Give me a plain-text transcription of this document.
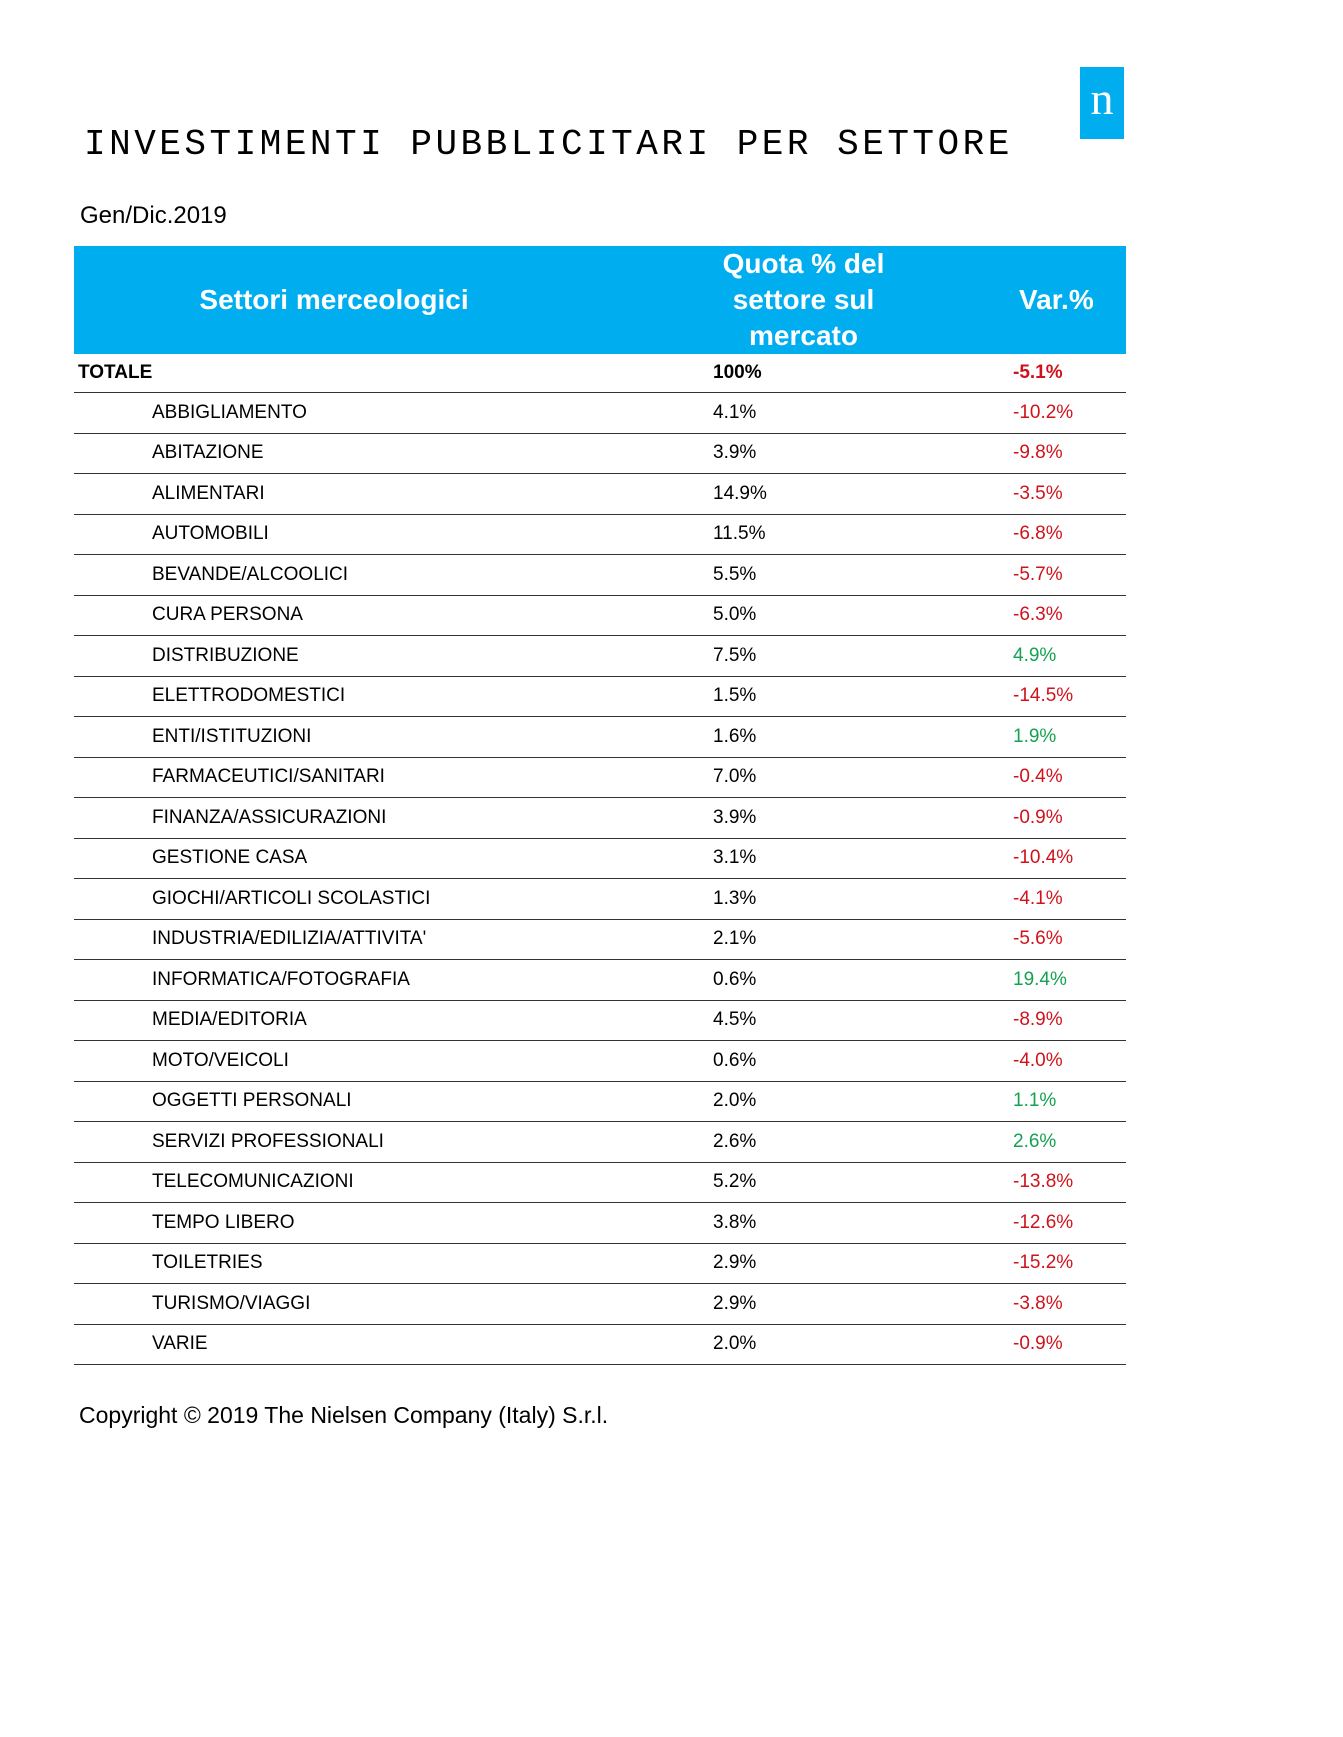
n
INVESTIMENTI PUBBLICITARI PER SETTORE
Gen/Dic.2019
Settori merceologici	Quota % del
settore sul
mercato	Var.%
TOTALE	100%	-5.1%
ABBIGLIAMENTO	4.1%	-10.2%
ABITAZIONE	3.9%	-9.8%
ALIMENTARI	14.9%	-3.5%
AUTOMOBILI	11.5%	-6.8%
BEVANDE/ALCOOLICI	5.5%	-5.7%
CURA PERSONA	5.0%	-6.3%
DISTRIBUZIONE	7.5%	4.9%
ELETTRODOMESTICI	1.5%	-14.5%
ENTI/ISTITUZIONI	1.6%	1.9%
FARMACEUTICI/SANITARI	7.0%	-0.4%
FINANZA/ASSICURAZIONI	3.9%	-0.9%
GESTIONE CASA	3.1%	-10.4%
GIOCHI/ARTICOLI SCOLASTICI	1.3%	-4.1%
INDUSTRIA/EDILIZIA/ATTIVITA'	2.1%	-5.6%
INFORMATICA/FOTOGRAFIA	0.6%	19.4%
MEDIA/EDITORIA	4.5%	-8.9%
MOTO/VEICOLI	0.6%	-4.0%
OGGETTI PERSONALI	2.0%	1.1%
SERVIZI PROFESSIONALI	2.6%	2.6%
TELECOMUNICAZIONI	5.2%	-13.8%
TEMPO LIBERO	3.8%	-12.6%
TOILETRIES	2.9%	-15.2%
TURISMO/VIAGGI	2.9%	-3.8%
VARIE	2.0%	-0.9%
Copyright © 2019 The Nielsen Company (Italy) S.r.l.
